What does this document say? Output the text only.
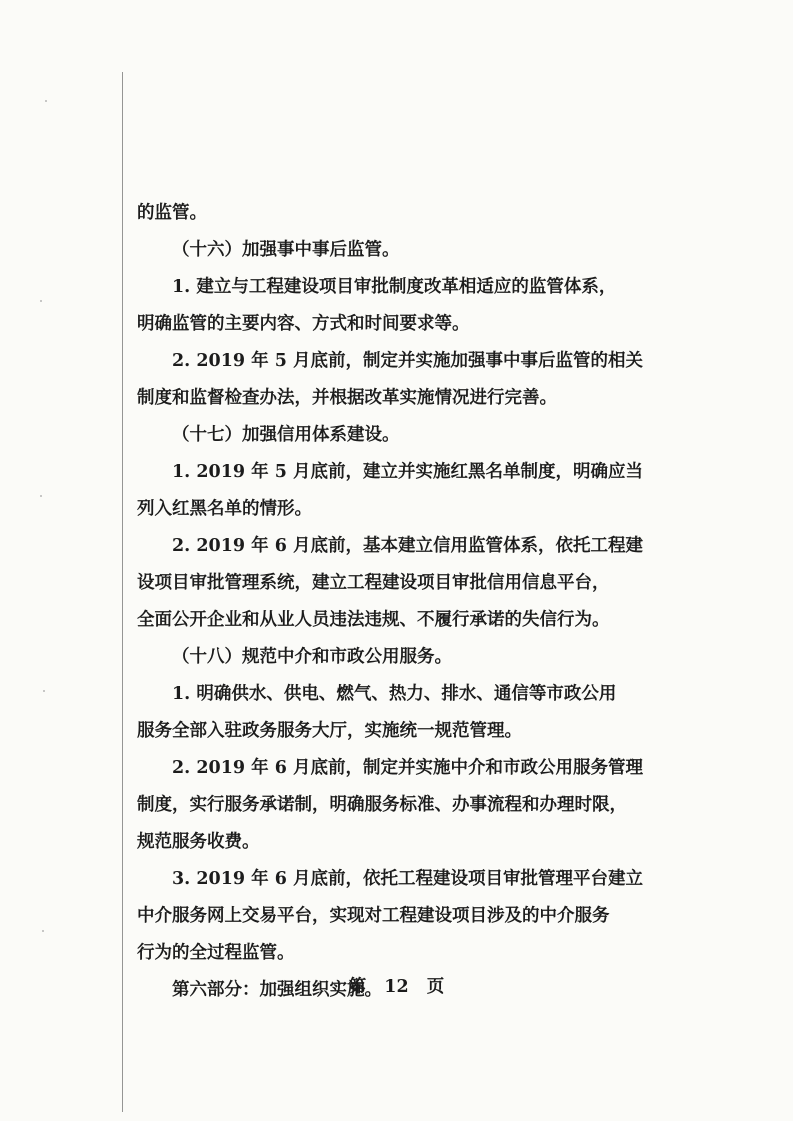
的监管。
（十六）加强事中事后监管。
1. 建立与工程建设项目审批制度改革相适应的监管体系，
明确监管的主要内容、方式和时间要求等。
2. 2019 年 5 月底前，制定并实施加强事中事后监管的相关
制度和监督检查办法，并根据改革实施情况进行完善。
（十七）加强信用体系建设。
1. 2019 年 5 月底前，建立并实施红黑名单制度，明确应当
列入红黑名单的情形。
2. 2019 年 6 月底前，基本建立信用监管体系，依托工程建
设项目审批管理系统，建立工程建设项目审批信用信息平台，
全面公开企业和从业人员违法违规、不履行承诺的失信行为。
（十八）规范中介和市政公用服务。
1. 明确供水、供电、燃气、热力、排水、通信等市政公用
服务全部入驻政务服务大厅，实施统一规范管理。
2. 2019 年 6 月底前，制定并实施中介和市政公用服务管理
制度，实行服务承诺制，明确服务标准、办事流程和办理时限，
规范服务收费。
3. 2019 年 6 月底前，依托工程建设项目审批管理平台建立
中介服务网上交易平台，实现对工程建设项目涉及的中介服务
行为的全过程监管。
第六部分：加强组织实施。
第 12 页
